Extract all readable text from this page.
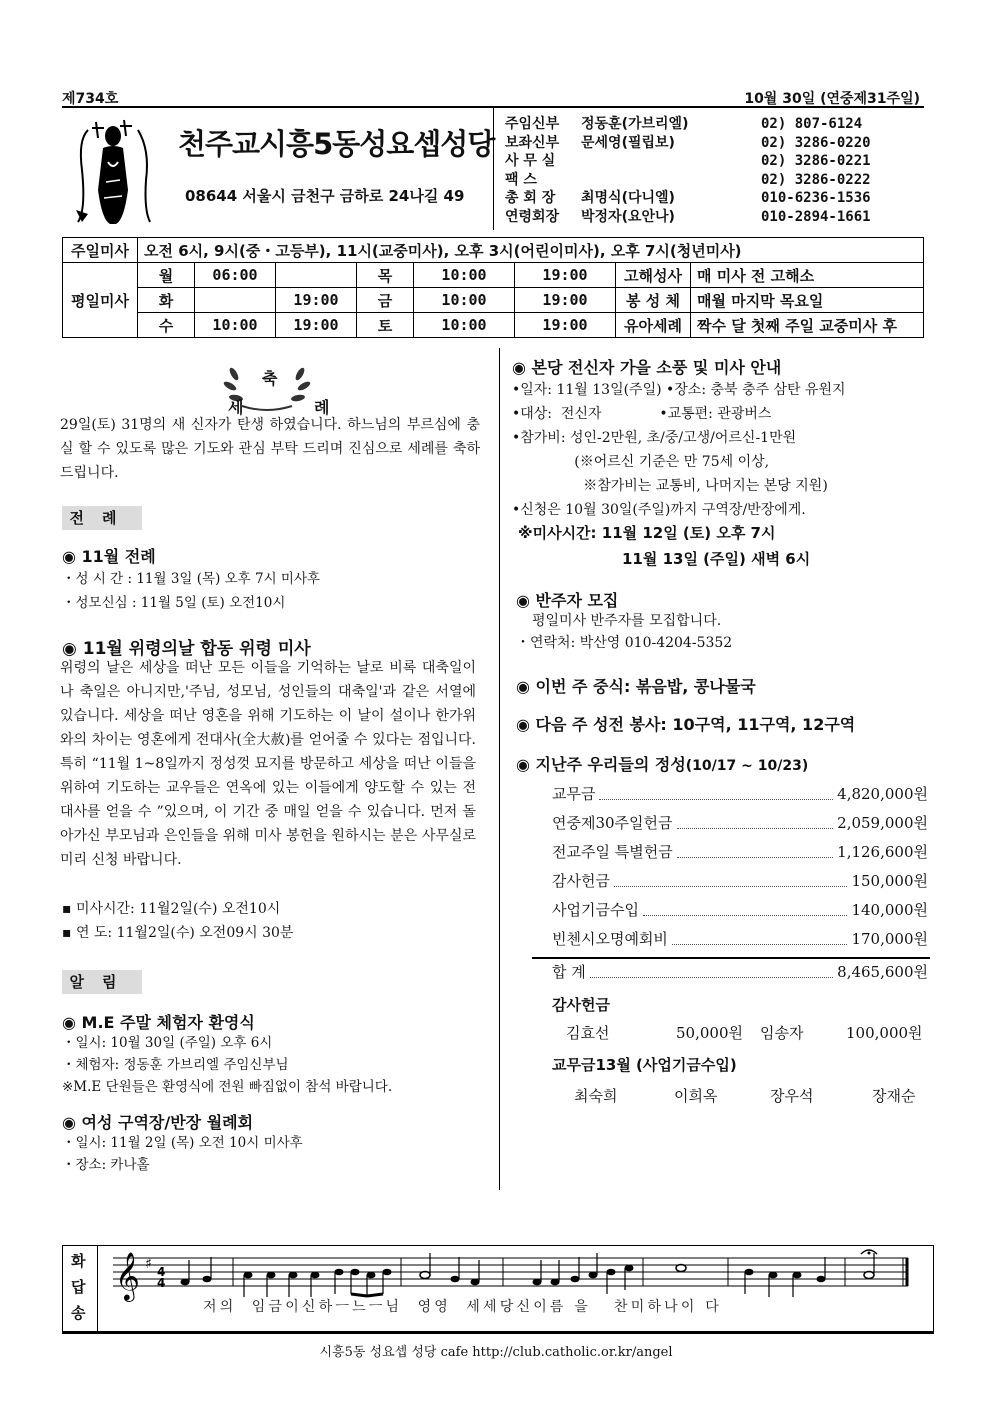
제734호	10월 30일 (연중제31주일)
천주교시흥5동성요셉성당
08644 서울시 금천구 금하로 24나길 49
주임신부	정동훈(가브리엘)	02) 807-6124
보좌신부	문세영(필립보)	02) 3286-0220
사 무 실	02) 3286-0221
팩 스	02) 3286-0222
총 회 장	최명식(다니엘)	010-6236-1536
연령회장	박정자(요안나)	010-2894-1661
주일미사	오전 6시, 9시(중・고등부), 11시(교중미사), 오후 3시(어린이미사), 오후 7시(청년미사)							
평일미사	월	06:00		목	10:00	19:00	고해성사	매 미사 전 고해소
	화		19:00	금	10:00	19:00	봉 성 체	매월 마지막 목요일
	수	10:00	19:00	토	10:00	19:00	유아세례	짝수 달 첫째 주일 교중미사 후
축
세	례
29일(토) 31명의 새 신자가 탄생 하였습니다. 하느님의 부르심에 충실 할 수 있도록 많은 기도와 관심 부탁 드리며 진심으로 세례를 축하드립니다.
전례
◉ 11월 전례
・성 시 간 : 11월 3일 (목) 오후 7시 미사후
・성모신심 : 11월 5일 (토) 오전10시
◉ 11월 위령의날 합동 위령 미사
위령의 날은 세상을 떠난 모든 이들을 기억하는 날로 비록 대축일이나 축일은 아니지만,'주님, 성모님, 성인들의 대축일'과 같은 서열에 있습니다. 세상을 떠난 영혼을 위해 기도하는 이 날이 설이나 한가위와의 차이는 영혼에게 전대사(全大赦)를 얻어줄 수 있다는 점입니다. 특히 “11월 1~8일까지 정성껏 묘지를 방문하고 세상을 떠난 이들을 위하여 기도하는 교우들은 연옥에 있는 이들에게 양도할 수 있는 전대사를 얻을 수 ”있으며, 이 기간 중 매일 얻을 수 있습니다. 먼저 돌아가신 부모님과 은인들을 위해 미사 봉헌을 원하시는 분은 사무실로 미리 신청 바랍니다.
▪ 미사시간: 11월2일(수) 오전10시
▪ 연 도: 11월2일(수) 오전09시 30분
알림
◉ M.E 주말 체험자 환영식
・일시: 10월 30일 (주일) 오후 6시
・체험자: 정동훈 가브리엘 주임신부님
※M.E 단원들은 환영식에 전원 빠짐없이 참석 바랍니다.
◉ 여성 구역장/반장 월례회
・일시: 11월 2일 (목) 오전 10시 미사후
・장소: 카나홀
◉ 본당 전신자 가을 소풍 및 미사 안내
•일자: 11월 13일(주일) •장소: 충북 충주 삼탄 유원지
•대상:  전신자             •교통편: 관광버스
•참가비: 성인-2만원, 초/중/고생/어르신-1만원
(※어르신 기준은 만 75세 이상,
※참가비는 교통비, 나머지는 본당 지원)
•신청은 10월 30일(주일)까지 구역장/반장에게.
※미사시간: 11월 12일 (토) 오후 7시
11월 13일 (주일) 새벽 6시
◉ 반주자 모집
평일미사 반주자를 모집합니다.
・연락처: 박산영 010-4204-5352
◉ 이번 주 중식: 볶음밥, 콩나물국
◉ 다음 주 성전 봉사: 10구역, 11구역, 12구역
◉ 지난주 우리들의 정성(10/17 ~ 10/23)
교무금	4,820,000원
연중제30주일헌금	2,059,000원
전교주일 특별헌금	1,126,600원
감사헌금	150,000원
사업기금수입	140,000원
빈첸시오명예회비	170,000원
합 계	8,465,600원
감사헌금
김효선	50,000원 임송자	100,000원
교무금13월 (사업기금수입)
최숙희	이희옥	장우석	장재순
화
답
송
𝄞 ♯ 4
4
저의  임금이신하ㅡ느ㅡ님  영영  세세당신이름 을   찬미하나이 다
시흥5동 성요셉 성당 cafe http://club.catholic.or.kr/angel
